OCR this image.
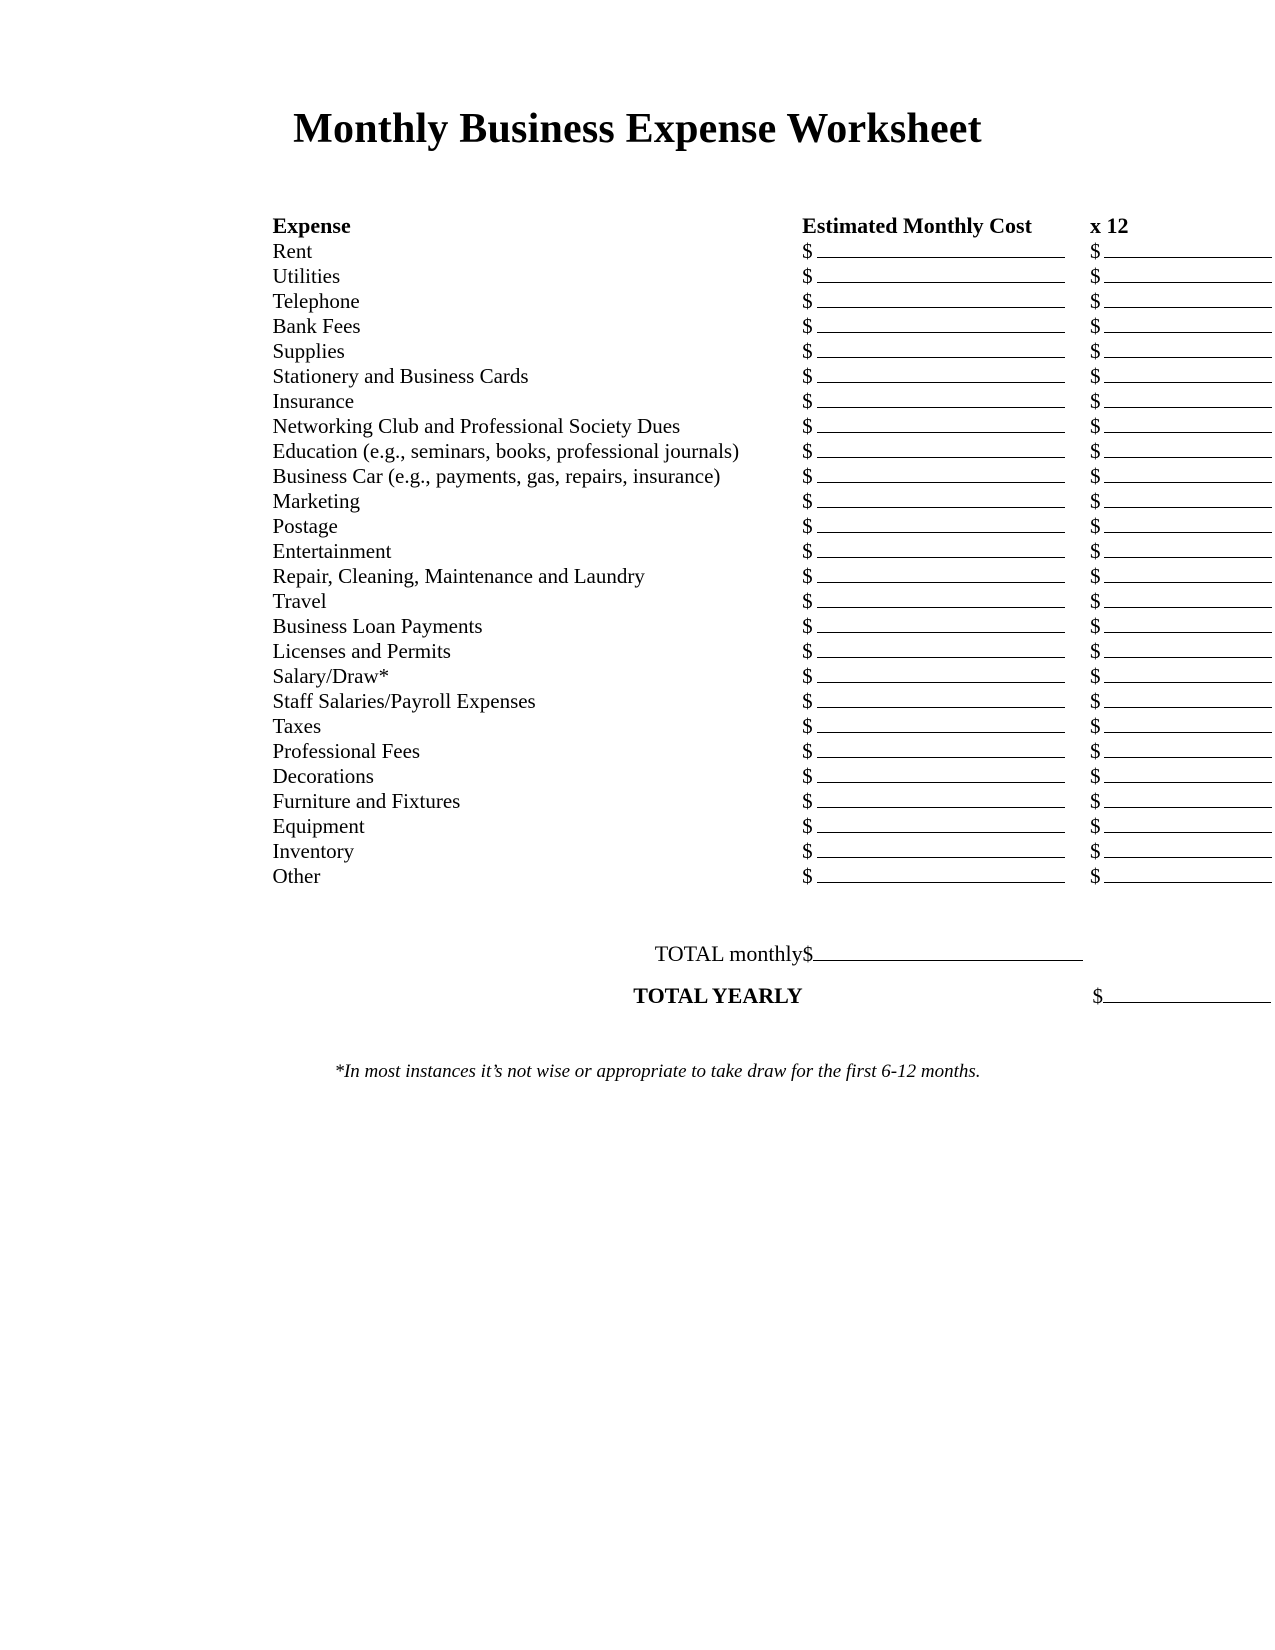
Monthly Business Expense Worksheet
Expense	Estimated Monthly Cost	x 12
Rent	$	$
Utilities	$	$
Telephone	$	$
Bank Fees	$	$
Supplies	$	$
Stationery and Business Cards	$	$
Insurance	$	$
Networking Club and Professional Society Dues	$	$
Education (e.g., seminars, books, professional journals)	$	$
Business Car (e.g., payments, gas, repairs, insurance)	$	$
Marketing	$	$
Postage	$	$
Entertainment	$	$
Repair, Cleaning, Maintenance and Laundry	$	$
Travel	$	$
Business Loan Payments	$	$
Licenses and Permits	$	$
Salary/Draw*	$	$
Staff Salaries/Payroll Expenses	$	$
Taxes	$	$
Professional Fees	$	$
Decorations	$	$
Furniture and Fixtures	$	$
Equipment	$	$
Inventory	$	$
Other	$	$
TOTAL monthly	$	
TOTAL YEARLY		$
*In most instances it’s not wise or appropriate to take draw for the first 6-12 months.
